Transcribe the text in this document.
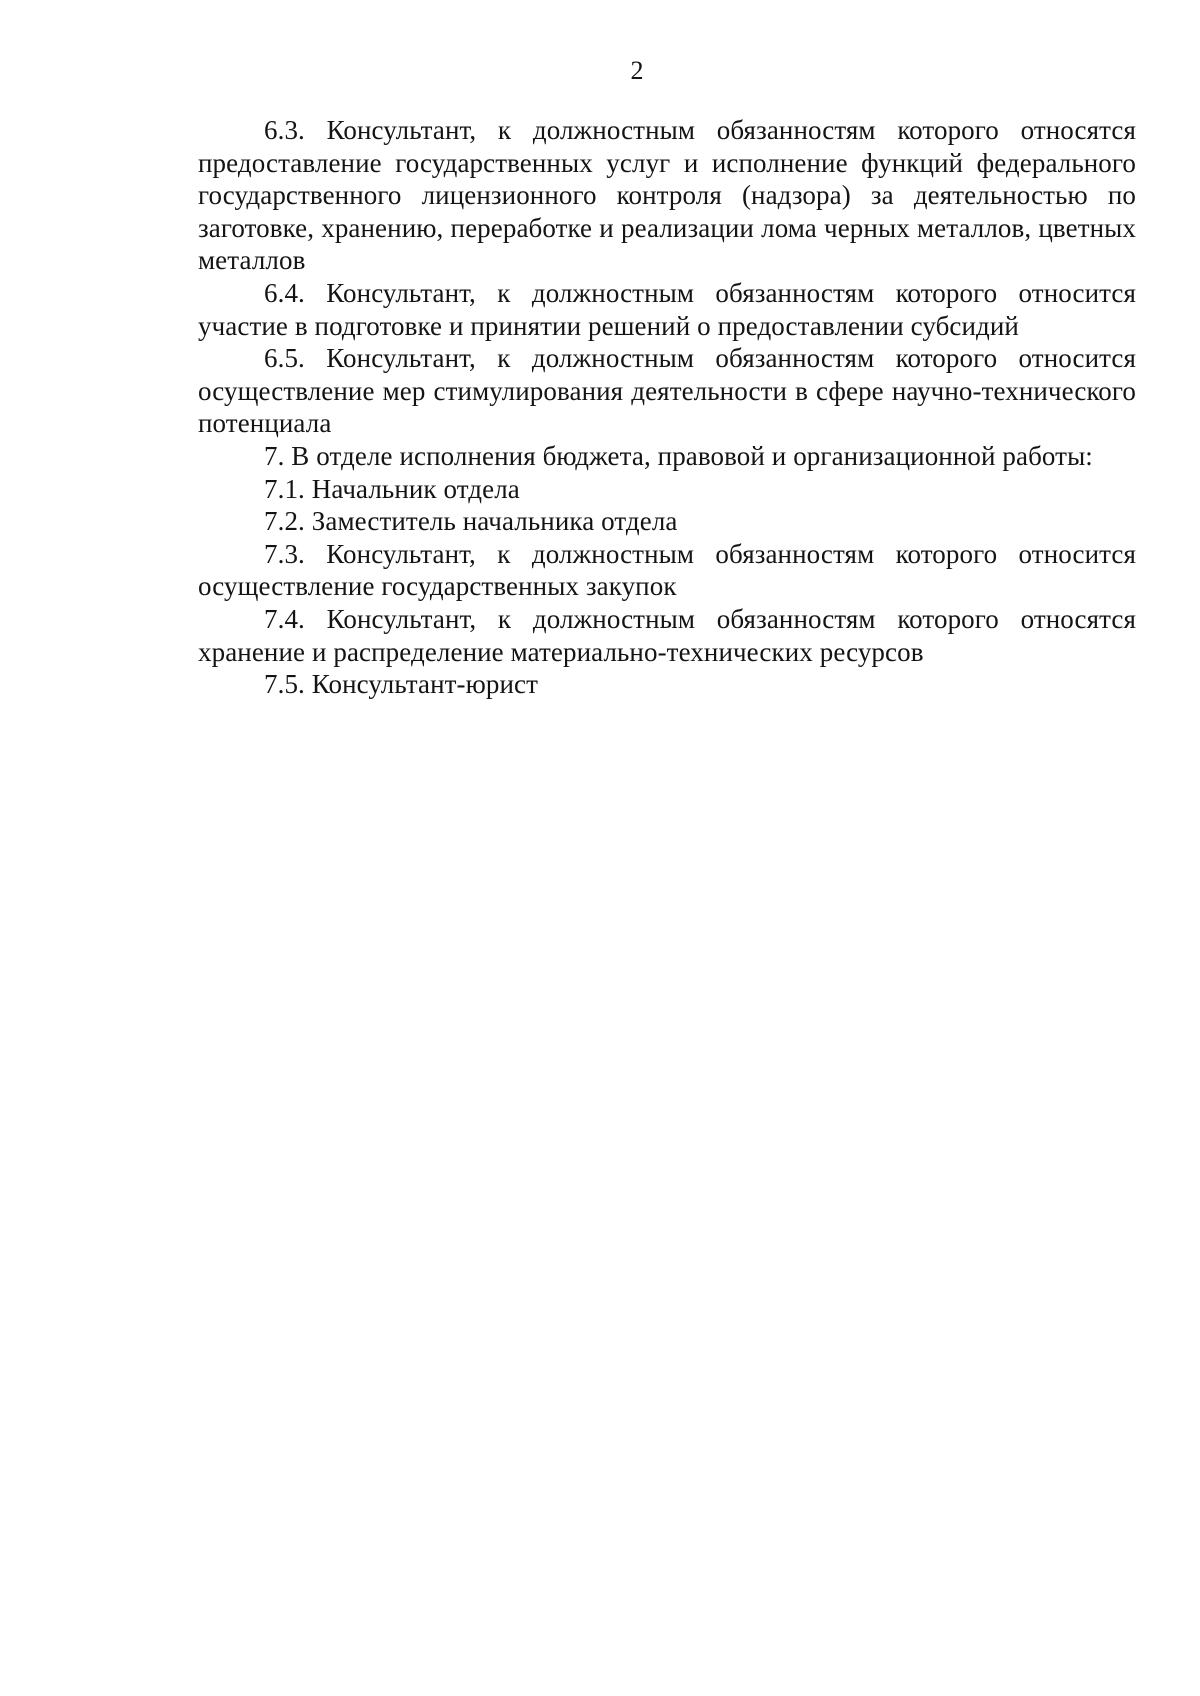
2

6.3. Консультант, к должностным обязанностям которого относятся предоставление государственных услуг и исполнение функций федерального государственного лицензионного контроля (надзора) за деятельностью по заготовке, хранению, переработке и реализации лома черных металлов, цветных металлов

6.4. Консультант, к должностным обязанностям которого относится участие в подготовке и принятии решений о предоставлении субсидий

6.5. Консультант, к должностным обязанностям которого относится осуществление мер стимулирования деятельности в сфере научно-технического потенциала

7. В отделе исполнения бюджета, правовой и организационной работы:

7.1. Начальник отдела

7.2. Заместитель начальника отдела

7.3. Консультант, к должностным обязанностям которого относится осуществление государственных закупок

7.4. Консультант, к должностным обязанностям которого относятся хранение и распределение материально-технических ресурсов

7.5. Консультант-юрист
